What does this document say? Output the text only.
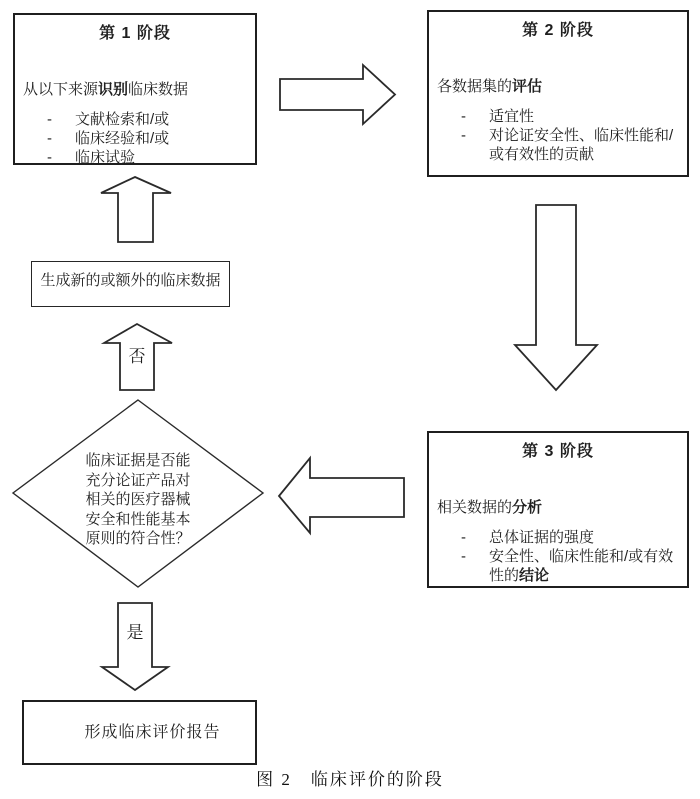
第 1 阶段
从以下来源识别临床数据
-	文献检索和/或
-	临床经验和/或
-	临床试验
第 2 阶段
各数据集的评估
-	适宜性
-	对论证安全性、临床性能和/或有效性的贡献
第 3 阶段
相关数据的分析
-	总体证据的强度
-	安全性、临床性能和/或有效性的结论
生成新的或额外的临床数据
形成临床评价报告
临床证据是否能
充分论证产品对
相关的医疗器械
安全和性能基本
原则的符合性？
否
是
图 2　临床评价的阶段
